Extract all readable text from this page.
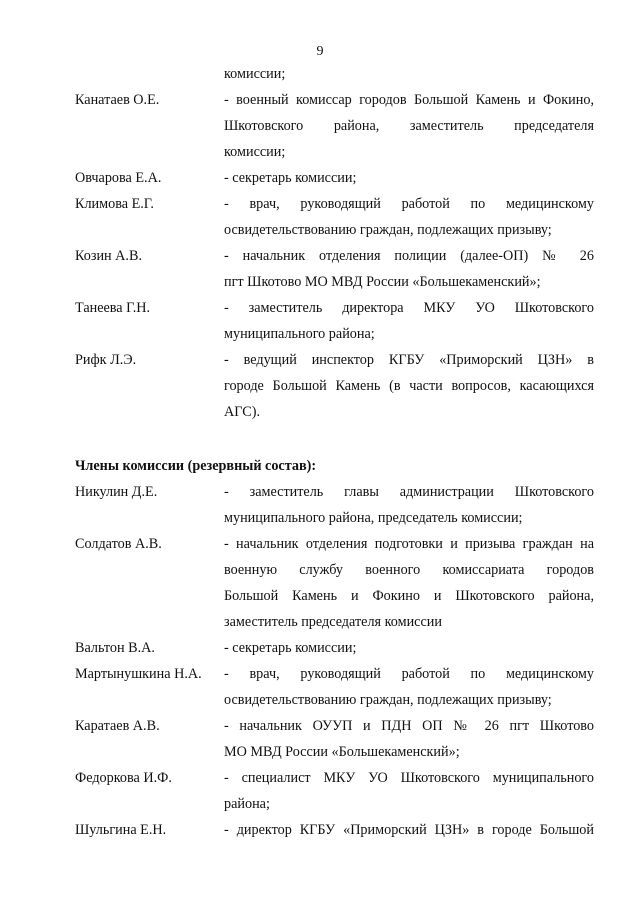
9
комиссии;
Канатаев О.Е.	- военный комиссар городов Большой Камень и Фокино,
Шкотовского района, заместитель председателя
комиссии;
Овчарова Е.А.	- секретарь комиссии;
Климова Е.Г.	- врач, руководящий работой по медицинскому
освидетельствованию граждан, подлежащих призыву;
Козин А.В.	- начальник отделения полиции (далее-ОП) № 26
пгт Шкотово МО МВД России «Большекаменский»;
Танеева Г.Н.	- заместитель директора МКУ УО Шкотовского
муниципального района;
Рифк Л.Э.	- ведущий инспектор КГБУ «Приморский ЦЗН» в
городе Большой Камень (в части вопросов, касающихся
АГС).
Члены комиссии (резервный состав):
Никулин Д.Е.	- заместитель главы администрации Шкотовского
муниципального района, председатель комиссии;
Солдатов А.В.	- начальник отделения подготовки и призыва граждан на
военную службу военного комиссариата городов
Большой Камень и Фокино и Шкотовского района,
заместитель председателя комиссии
Вальтон В.А.	- секретарь комиссии;
Мартынушкина Н.А. - врач, руководящий работой по медицинскому
освидетельствованию граждан, подлежащих призыву;
Каратаев А.В.	- начальник ОУУП и ПДН ОП № 26 пгт Шкотово
МО МВД России «Большекаменский»;
Федоркова И.Ф.	- специалист МКУ УО Шкотовского муниципального
района;
Шульгина Е.Н.	- директор КГБУ «Приморский ЦЗН» в городе Большой
